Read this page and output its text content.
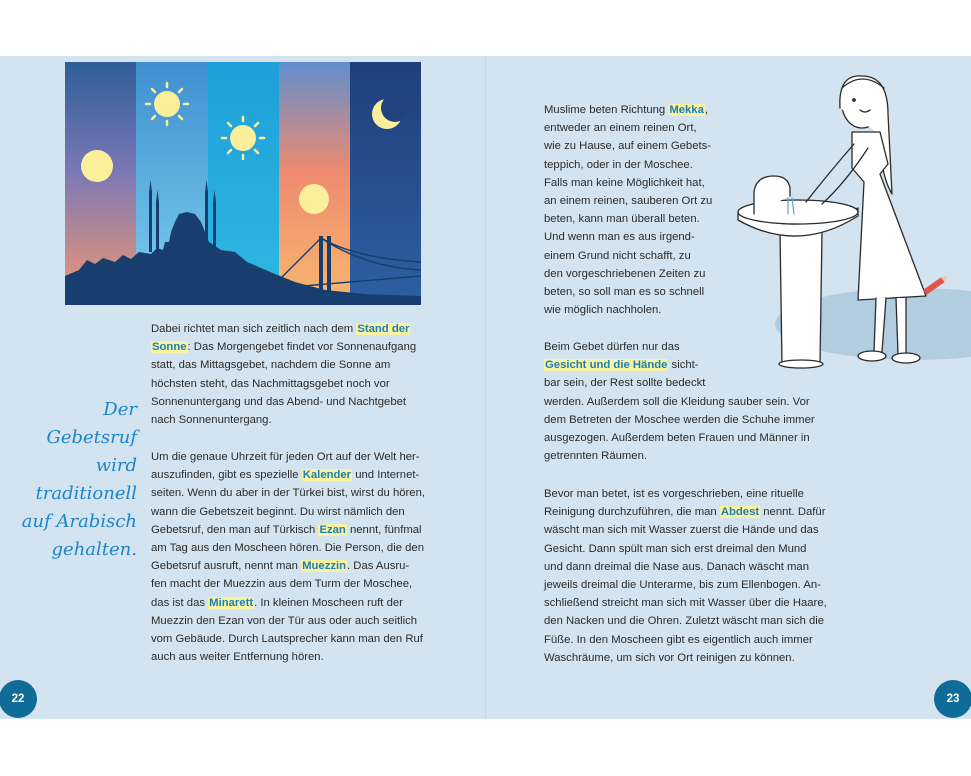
Dabei richtet man sich zeitlich nach dem Stand der
Sonne: Das Morgengebet findet vor Sonnenaufgang
statt, das Mittagsgebet, nachdem die Sonne am
höchsten steht, das Nachmittagsgebet noch vor
Sonnenuntergang und das Abend- und Nachtgebet
nach Sonnenuntergang.

Um die genaue Uhrzeit für jeden Ort auf der Welt her-
auszufinden, gibt es spezielle Kalender und Internet-
seiten. Wenn du aber in der Türkei bist, wirst du hören,
wann die Gebetszeit beginnt. Du wirst nämlich den
Gebetsruf, den man auf Türkisch Ezan nennt, fünfmal
am Tag aus den Moscheen hören. Die Person, die den
Gebetsruf ausruft, nennt man Muezzin. Das Ausru-
fen macht der Muezzin aus dem Turm der Moschee,
das ist das Minarett. In kleinen Moscheen ruft der
Muezzin den Ezan von der Tür aus oder auch seitlich
vom Gebäude. Durch Lautsprecher kann man den Ruf
auch aus weiter Entfernung hören.

Der Gebetsruf
wird traditionell
auf Arabisch
gehalten.

Muslime beten Richtung Mekka,
entweder an einem reinen Ort,
wie zu Hause, auf einem Gebets-
teppich, oder in der Moschee.
Falls man keine Möglichkeit hat,
an einem reinen, sauberen Ort zu
beten, kann man überall beten.
Und wenn man es aus irgend-
einem Grund nicht schafft, zu
den vorgeschriebenen Zeiten zu
beten, so soll man es so schnell
wie möglich nachholen.

Beim Gebet dürfen nur das
Gesicht und die Hände sicht-
bar sein, der Rest sollte bedeckt
werden. Außerdem soll die Kleidung sauber sein. Vor
dem Betreten der Moschee werden die Schuhe immer
ausgezogen. Außerdem beten Frauen und Männer in
getrennten Räumen.

Bevor man betet, ist es vorgeschrieben, eine rituelle
Reinigung durchzuführen, die man Abdest nennt. Dafür
wäscht man sich mit Wasser zuerst die Hände und das
Gesicht. Dann spült man sich erst dreimal den Mund
und dann dreimal die Nase aus. Danach wäscht man
jeweils dreimal die Unterarme, bis zum Ellenbogen. An-
schließend streicht man sich mit Wasser über die Haare,
den Nacken und die Ohren. Zuletzt wäscht man sich die
Füße. In den Moscheen gibt es eigentlich auch immer
Waschräume, um sich vor Ort reinigen zu können.

22	23
